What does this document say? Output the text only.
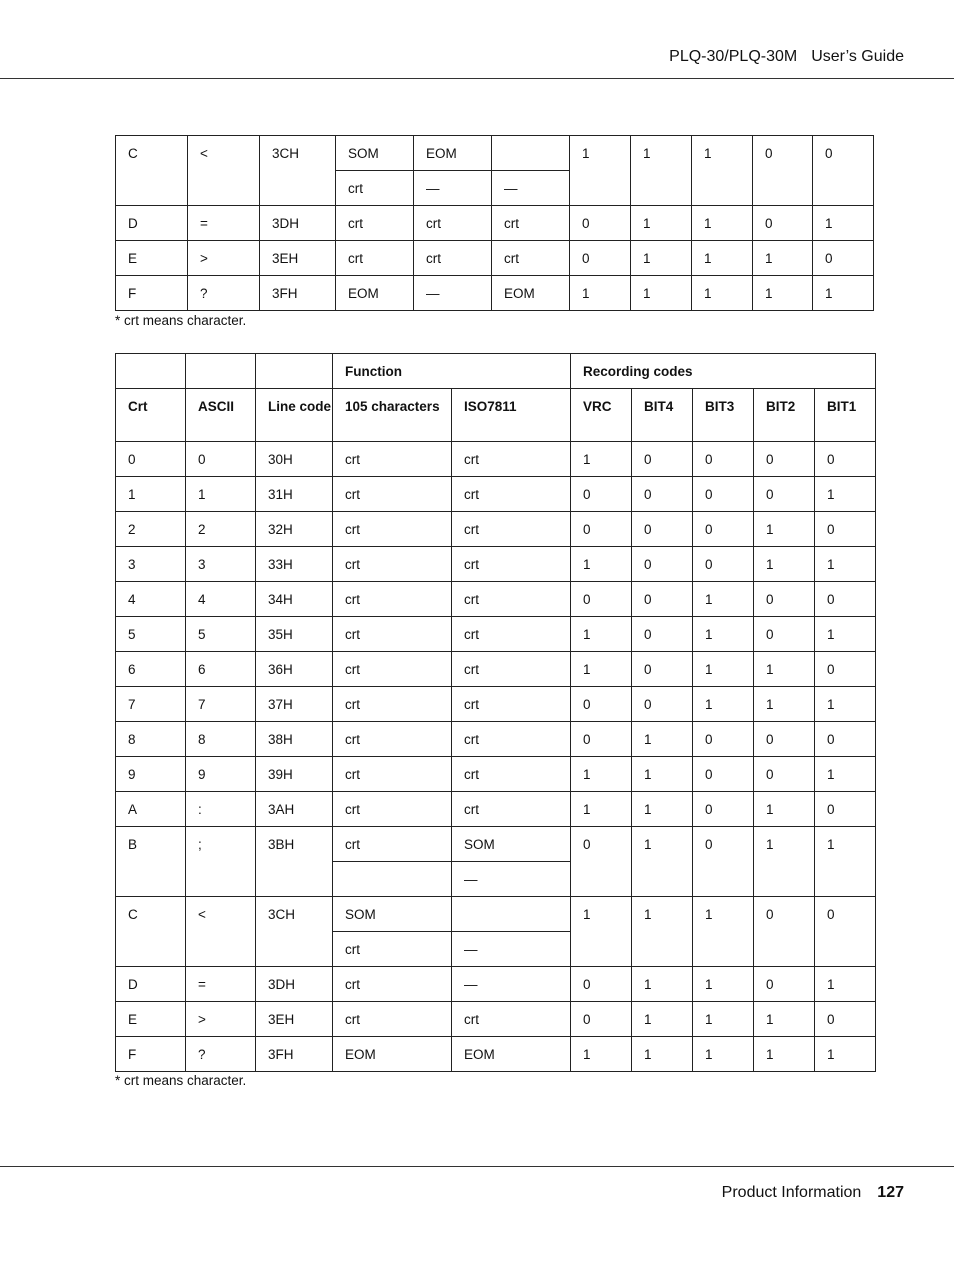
PLQ-30/PLQ-30M User’s Guide
C	<	3CH	SOM	EOM		1	1	1	0	0
			crt	—	—					
D	=	3DH	crt	crt	crt	0	1	1	0	1
E	>	3EH	crt	crt	crt	0	1	1	1	0
F	?	3FH	EOM	—	EOM	1	1	1	1	1
* crt means character.
			Function		Recording codes				
Crt	ASCII	Line code	105 characters	ISO7811	VRC	BIT4	BIT3	BIT2	BIT1
0	0	30H	crt	crt	1	0	0	0	0
1	1	31H	crt	crt	0	0	0	0	1
2	2	32H	crt	crt	0	0	0	1	0
3	3	33H	crt	crt	1	0	0	1	1
4	4	34H	crt	crt	0	0	1	0	0
5	5	35H	crt	crt	1	0	1	0	1
6	6	36H	crt	crt	1	0	1	1	0
7	7	37H	crt	crt	0	0	1	1	1
8	8	38H	crt	crt	0	1	0	0	0
9	9	39H	crt	crt	1	1	0	0	1
A	:	3AH	crt	crt	1	1	0	1	0
B	;	3BH	crt	SOM	0	1	0	1	1
				—					
C	<	3CH	SOM		1	1	1	0	0
			crt	—					
D	=	3DH	crt	—	0	1	1	0	1
E	>	3EH	crt	crt	0	1	1	1	0
F	?	3FH	EOM	EOM	1	1	1	1	1
* crt means character.
Product Information 127
